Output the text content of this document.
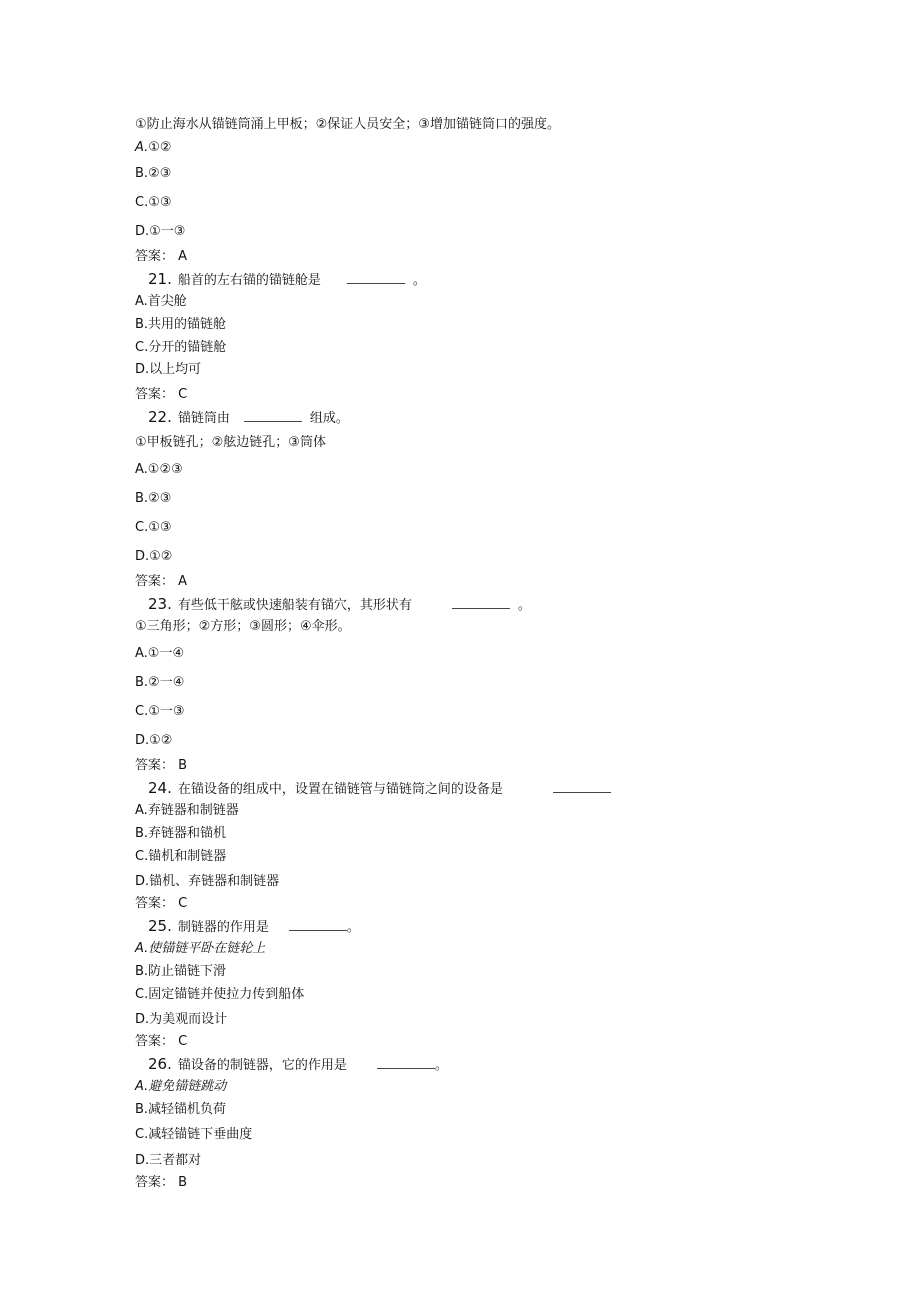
①防止海水从锚链筒涌上甲板；②保证人员安全；③增加锚链筒口的强度。
A.①②
B.②③
C.①③
D.①一③
答案： A
21. 船首的左右锚的锚链舱是	。
A.首尖舱
B.共用的锚链舱
C.分开的锚链舱
D.以上均可
答案： C
22. 锚链筒由	组成。
①甲板链孔；②舷边链孔；③筒体
A.①②③
B.②③
C.①③
D.①②
答案： A
23. 有些低干舷或快速船装有锚穴，其形状有	。
①三角形；②方形；③圆形；④伞形。
A.①一④
B.②一④
C.①一③
D.①②
答案： B
24. 在锚设备的组成中，设置在锚链管与锚链筒之间的设备是
A.弃链器和制链器
B.弃链器和锚机
C.锚机和制链器
D.锚机、弃链器和制链器
答案： C
25. 制链器的作用是	。
A.使锚链平卧在链轮上
B.防止锚链下滑
C.固定锚链并使拉力传到船体
D.为美观而设计
答案： C
26. 锚设备的制链器，它的作用是	。
A.避免锚链跳动
B.减轻锚机负荷
C.减轻锚链下垂曲度
D.三者都对
答案： B
